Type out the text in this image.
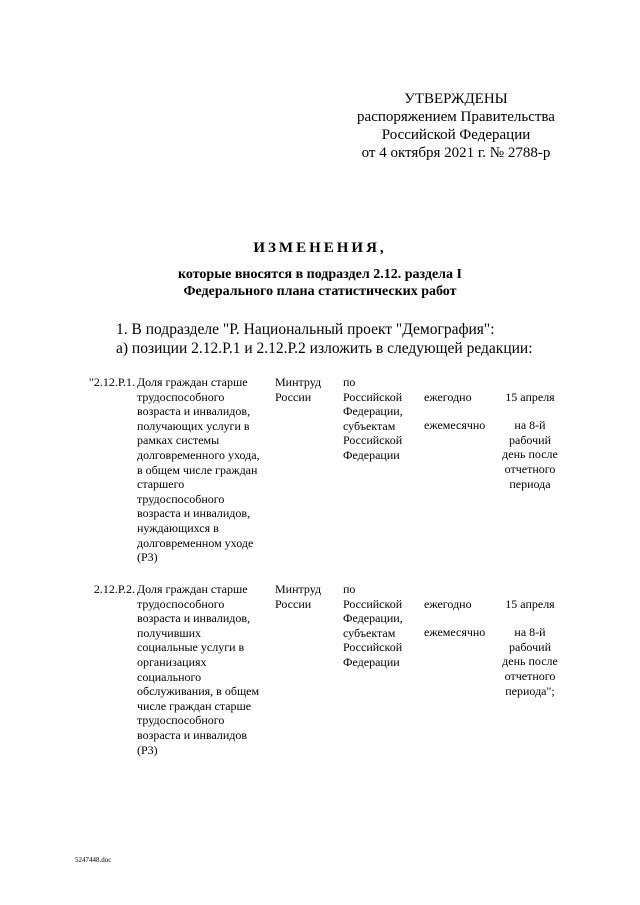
УТВЕРЖДЕНЫ
распоряжением Правительства
Российской Федерации
от 4 октября 2021 г. № 2788-р
ИЗМЕНЕНИЯ,
которые вносятся в подраздел 2.12. раздела I
Федерального плана статистических работ
1. В подразделе "Р. Национальный проект "Демография":
а) позиции 2.12.Р.1 и 2.12.Р.2 изложить в следующей редакции:
"2.12.Р.1. Доля граждан старше
трудоспособного
возраста и инвалидов,
получающих услуги в
рамках системы
долговременного ухода,
в общем числе граждан
старшего
трудоспособного
возраста и инвалидов,
нуждающихся в
долговременном уходе
(Р3)
Минтруд
России
по
Российской
Федерации,
субъектам
Российской
Федерации

ежегодно

ежемесячно

15 апреля

на 8-й
рабочий
день после
отчетного
периода

2.12.Р.2. Доля граждан старше
трудоспособного
возраста и инвалидов,
получивших
социальные услуги в
организациях
социального
обслуживания, в общем
числе граждан старше
трудоспособного
возраста и инвалидов
(Р3)
Минтруд
России
по
Российской
Федерации,
субъектам
Российской
Федерации

ежегодно

ежемесячно

15 апреля

на 8-й
рабочий
день после
отчетного
периода";

5247448.doc
